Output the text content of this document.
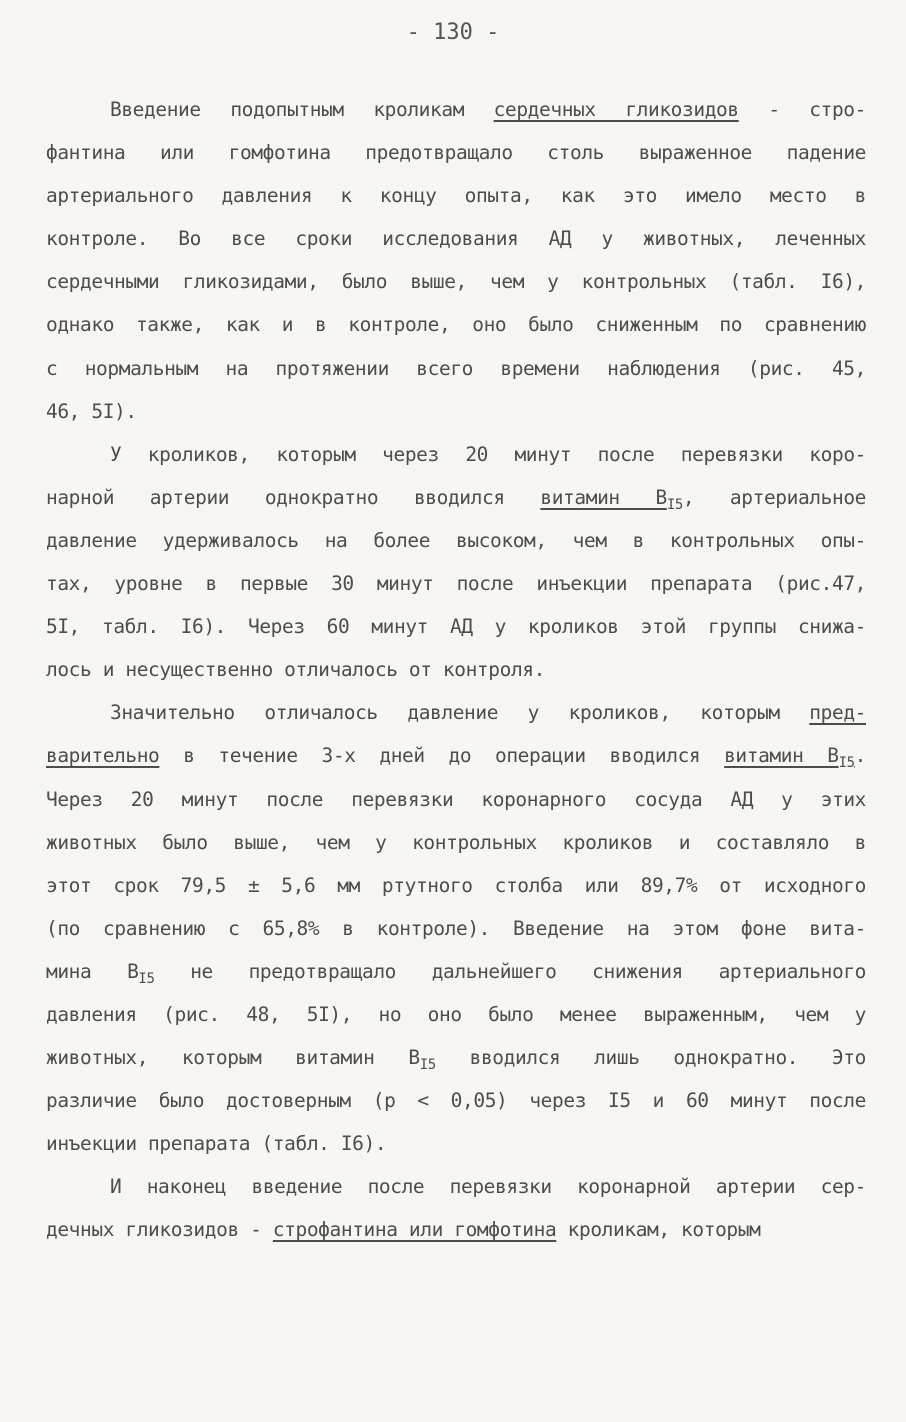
- 130 -
Введение подопытным кроликам сердечных гликозидов - стро-
фантина или гомфотина предотвращало столь выраженное падение
артериального давления к концу опыта, как это имело место в
контроле. Во все сроки исследования АД у животных, леченных
сердечными гликозидами, было выше, чем у контрольных (табл. I6),
однако также, как и в контроле, оно было сниженным по сравнению
с нормальным на протяжении всего времени наблюдения (рис. 45,
46, 5I).
У кроликов, которым через 20 минут после перевязки коро-
нарной артерии однократно вводился витамин $В_{I5}$, артериальное
давление удерживалось на более высоком, чем в контрольных опы-
тах, уровне в первые 30 минут после инъекции препарата (рис.47,
5I, табл. I6). Через 60 минут АД у кроликов этой группы снижа-
лось и несущественно отличалось от контроля.
Значительно отличалось давление у кроликов, которым пред-
варительно в течение 3-х дней до операции вводился витамин $В_{I5}$.
Через 20 минут после перевязки коронарного сосуда АД у этих
животных было выше, чем у контрольных кроликов и составляло в
этот срок 79,5 ± 5,6 мм ртутного столба или 89,7% от исходного
(по сравнению с 65,8% в контроле). Введение на этом фоне вита-
мина $В_{I5}$ не предотвращало дальнейшего снижения артериального
давления (рис. 48, 5I), но оно было менее выраженным, чем у
животных, которым витамин $В_{I5}$ вводился лишь однократно. Это
различие было достоверным (р < 0,05) через I5 и 60 минут после
инъекции препарата (табл. I6).
И наконец введение после перевязки коронарной артерии сер-
дечных гликозидов - строфантина или гомфотина кроликам, которым
